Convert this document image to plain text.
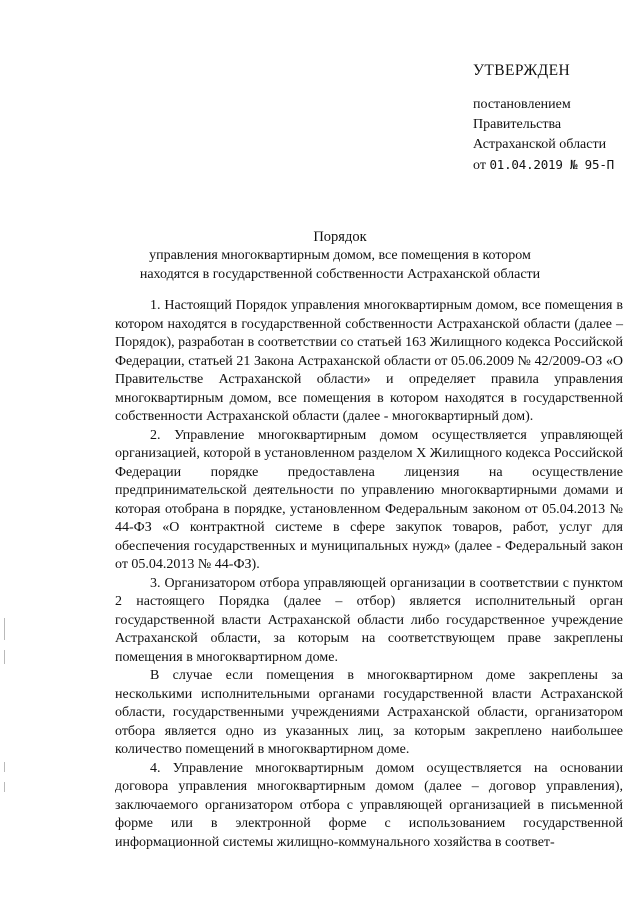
УТВЕРЖДЕН
постановлением
Правительства
Астраханской области
от 01.04.2019 № 95-П
Порядок
управления многоквартирным домом, все помещения в котором
находятся в государственной собственности Астраханской области

1. Настоящий Порядок управления многоквартирным домом, все помещения в котором находятся в государственной собственности Астраханской области (далее – Порядок), разработан в соответствии со статьей 163 Жилищного кодекса Российской Федерации, статьей 21 Закона Астраханской области от 05.06.2009 № 42/2009-ОЗ «О Правительстве Астраханской области» и определяет правила управления многоквартирным домом, все помещения в котором находятся в государственной собственности Астраханской области (далее - многоквартирный дом).

2. Управление многоквартирным домом осуществляется управляющей организацией, которой в установленном разделом X Жилищного кодекса Российской Федерации порядке предоставлена лицензия на осуществление предпринимательской деятельности по управлению многоквартирными домами и которая отобрана в порядке, установленном Федеральным законом от 05.04.2013 № 44-ФЗ «О контрактной системе в сфере закупок товаров, работ, услуг для обеспечения государственных и муниципальных нужд» (далее - Федеральный закон от 05.04.2013 № 44-ФЗ).

3. Организатором отбора управляющей организации в соответствии с пунктом 2 настоящего Порядка (далее – отбор) является исполнительный орган государственной власти Астраханской области либо государственное учреждение Астраханской области, за которым на соответствующем праве закреплены помещения в многоквартирном доме.

В случае если помещения в многоквартирном доме закреплены за несколькими исполнительными органами государственной власти Астраханской области, государственными учреждениями Астраханской области, организатором отбора является одно из указанных лиц, за которым закреплено наибольшее количество помещений в многоквартирном доме.

4. Управление многоквартирным домом осуществляется на основании договора управления многоквартирным домом (далее – договор управления), заключаемого организатором отбора с управляющей организацией в письменной форме или в электронной форме с использованием государственной информационной системы жилищно-коммунального хозяйства в соответ-
